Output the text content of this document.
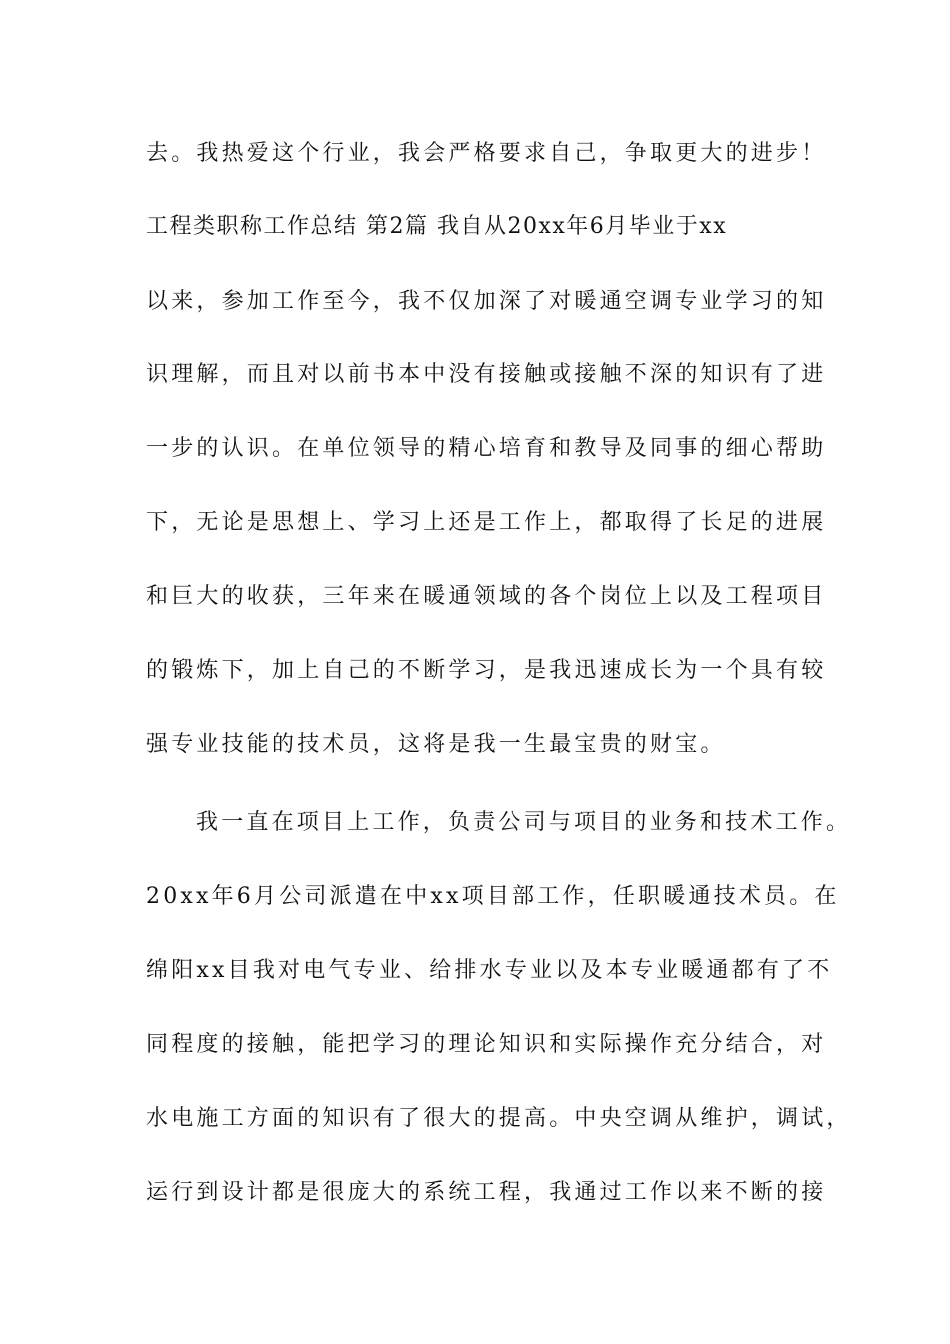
去。我热爱这个行业，我会严格要求自己，争取更大的进步！
工程类职称工作总结 第2篇 我自从20xx年6月毕业于xx
以来，参加工作至今，我不仅加深了对暖通空调专业学习的知
识理解，而且对以前书本中没有接触或接触不深的知识有了进
一步的认识。在单位领导的精心培育和教导及同事的细心帮助
下，无论是思想上、学习上还是工作上，都取得了长足的进展
和巨大的收获，三年来在暖通领域的各个岗位上以及工程项目
的锻炼下，加上自己的不断学习，是我迅速成长为一个具有较
强专业技能的技术员，这将是我一生最宝贵的财宝。
我一直在项目上工作，负责公司与项目的业务和技术工作。
20xx年6月公司派遣在中xx项目部工作，任职暖通技术员。在
绵阳xx目我对电气专业、给排水专业以及本专业暖通都有了不
同程度的接触，能把学习的理论知识和实际操作充分结合，对
水电施工方面的知识有了很大的提高。中央空调从维护，调试，
运行到设计都是很庞大的系统工程，我通过工作以来不断的接
